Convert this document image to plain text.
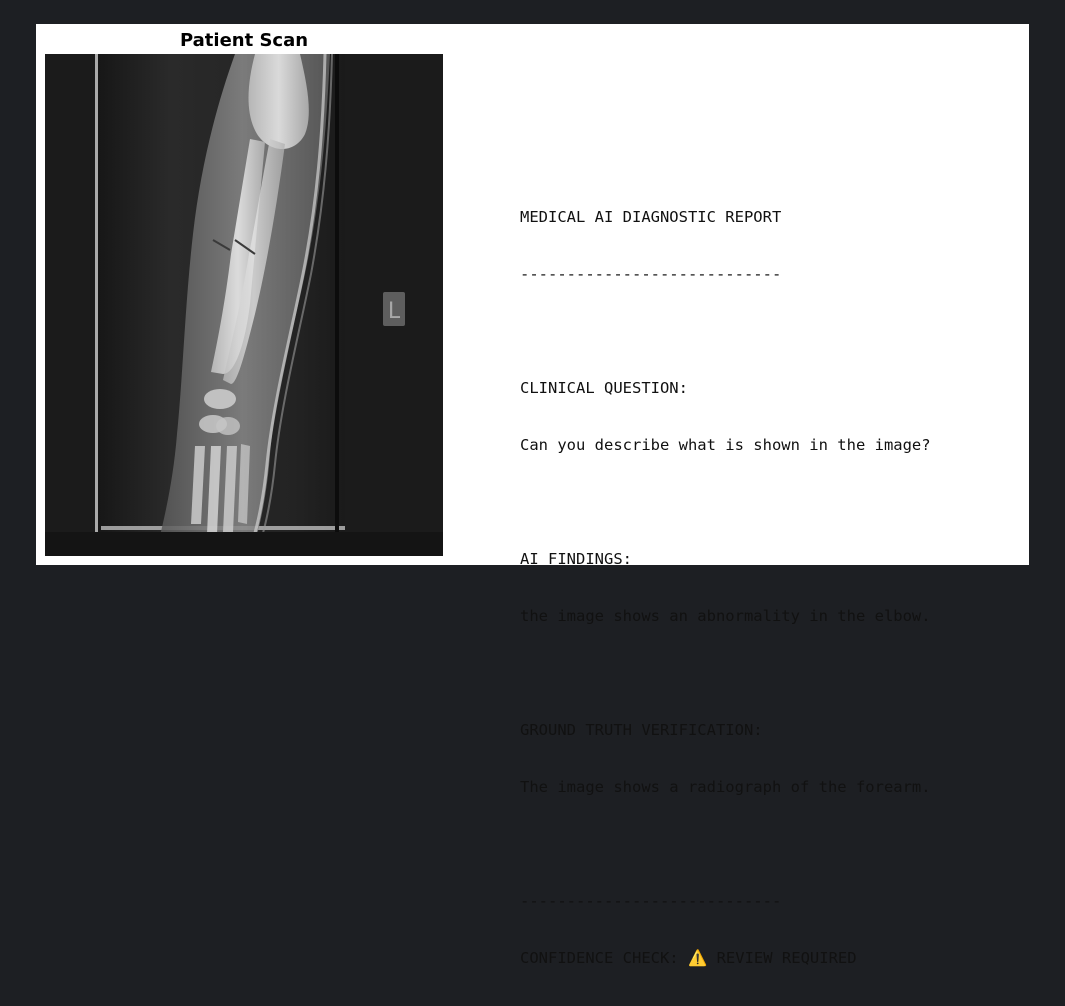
Patient Scan
L

MEDICAL AI DIAGNOSTIC REPORT

----------------------------

CLINICAL QUESTION:

Can you describe what is shown in the image?

AI FINDINGS:

the image shows an abnormality in the elbow.

GROUND TRUTH VERIFICATION:

The image shows a radiograph of the forearm.

----------------------------

CONFIDENCE CHECK: ⚠️ REVIEW REQUIRED
